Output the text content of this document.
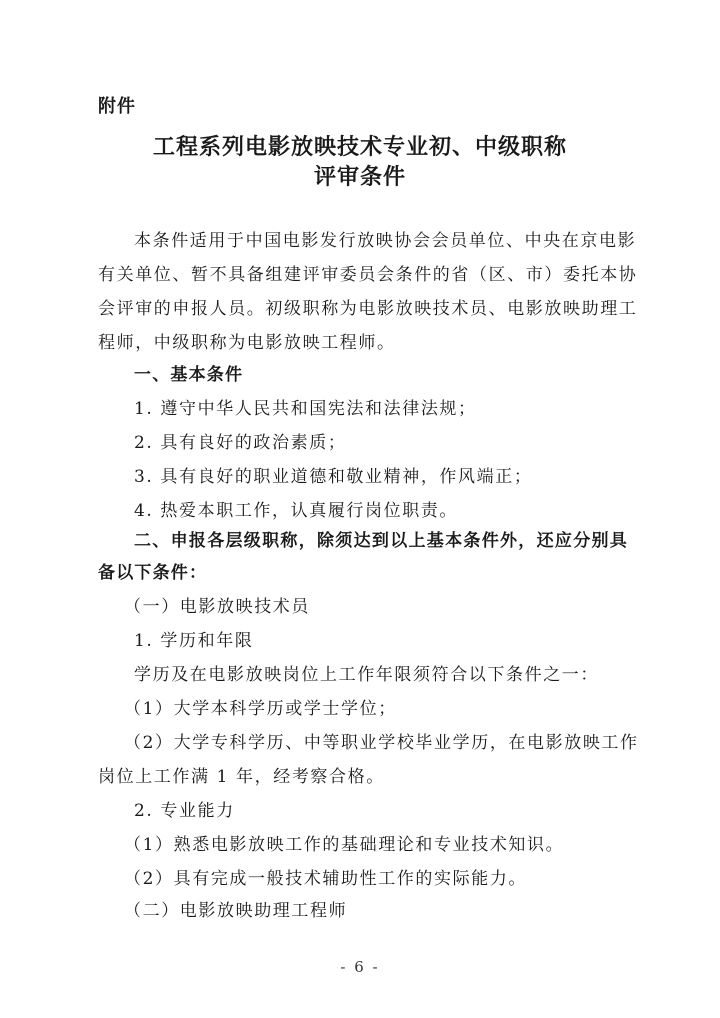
附件
工程系列电影放映技术专业初、中级职称
评审条件
本条件适用于中国电影发行放映协会会员单位、中央在京电影
有关单位、暂不具备组建评审委员会条件的省（区、市）委托本协
会评审的申报人员。初级职称为电影放映技术员、电影放映助理工
程师，中级职称为电影放映工程师。
一、基本条件
1. 遵守中华人民共和国宪法和法律法规；
2. 具有良好的政治素质；
3. 具有良好的职业道德和敬业精神，作风端正；
4. 热爱本职工作，认真履行岗位职责。
二、申报各层级职称，除须达到以上基本条件外，还应分别具
备以下条件：
（一）电影放映技术员
1. 学历和年限
学历及在电影放映岗位上工作年限须符合以下条件之一：
（1）大学本科学历或学士学位；
（2）大学专科学历、中等职业学校毕业学历，在电影放映工作
岗位上工作满 1 年，经考察合格。
2. 专业能力
（1）熟悉电影放映工作的基础理论和专业技术知识。
（2）具有完成一般技术辅助性工作的实际能力。
（二）电影放映助理工程师
- 6 -
